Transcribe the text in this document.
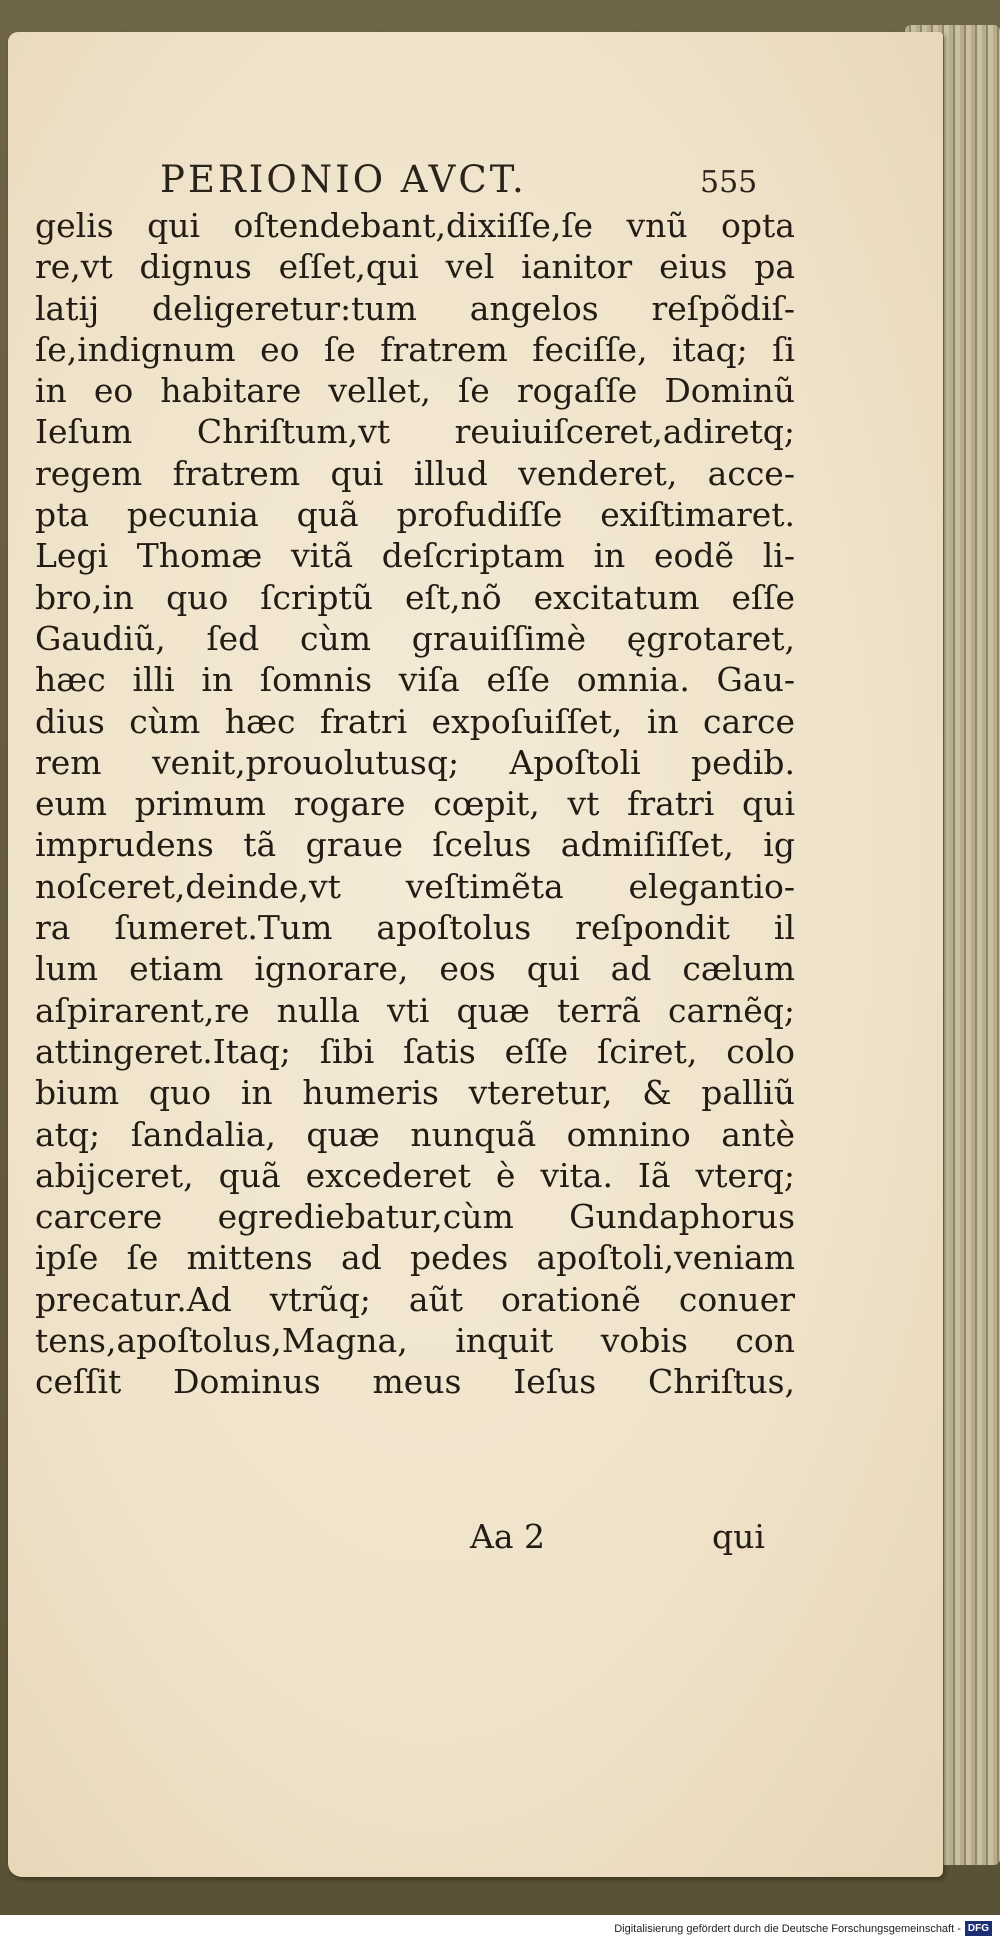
PERIONIO AVCT.	555
gelis qui oſtendebant,dixiſſe,ſe vnũ opta
re,vt dignus eſſet,qui vel ianitor eius pa
latij deligeretur:tum angelos reſpõdiſ-
ſe,indignum eo ſe fratrem feciſſe, itaq; ſi
in eo habitare vellet, ſe rogaſſe Dominũ
Ieſum Chriſtum,vt reuiuiſceret,adiretq;
regem fratrem qui illud venderet, acce-
pta pecunia quã profudiſſe exiſtimaret.
Legi Thomæ vitã deſcriptam in eodẽ li-
bro,in quo ſcriptũ eſt,nõ excitatum eſſe
Gaudiũ, ſed cùm grauiſſimè ęgrotaret,
hæc illi in ſomnis viſa eſſe omnia. Gau-
dius cùm hæc fratri expoſuiſſet, in carce
rem venit,prouolutusq; Apoſtoli pedib.
eum primum rogare cœpit, vt fratri qui
imprudens tã graue ſcelus admiſiſſet, ig
noſceret,deinde,vt veſtimẽta elegantio-
ra ſumeret.Tum apoſtolus reſpondit il
lum etiam ignorare, eos qui ad cælum
aſpirarent,re nulla vti quæ terrã carnẽq;
attingeret.Itaq; ſibi ſatis eſſe ſciret, colo
bium quo in humeris vteretur, & palliũ
atq; ſandalia, quæ nunquã omnino antè
abijceret, quã excederet è vita. Iã vterq;
carcere egrediebatur,cùm Gundaphorus
ipſe ſe mittens ad pedes apoſtoli,veniam
precatur.Ad vtrũq; aũt orationẽ conuer
tens,apoſtolus,Magna, inquit vobis con
ceſſit Dominus meus Ieſus Chriſtus,
Aa 2	qui
Digitalisierung gefördert durch die Deutsche Forschungsgemeinschaft - DFG
